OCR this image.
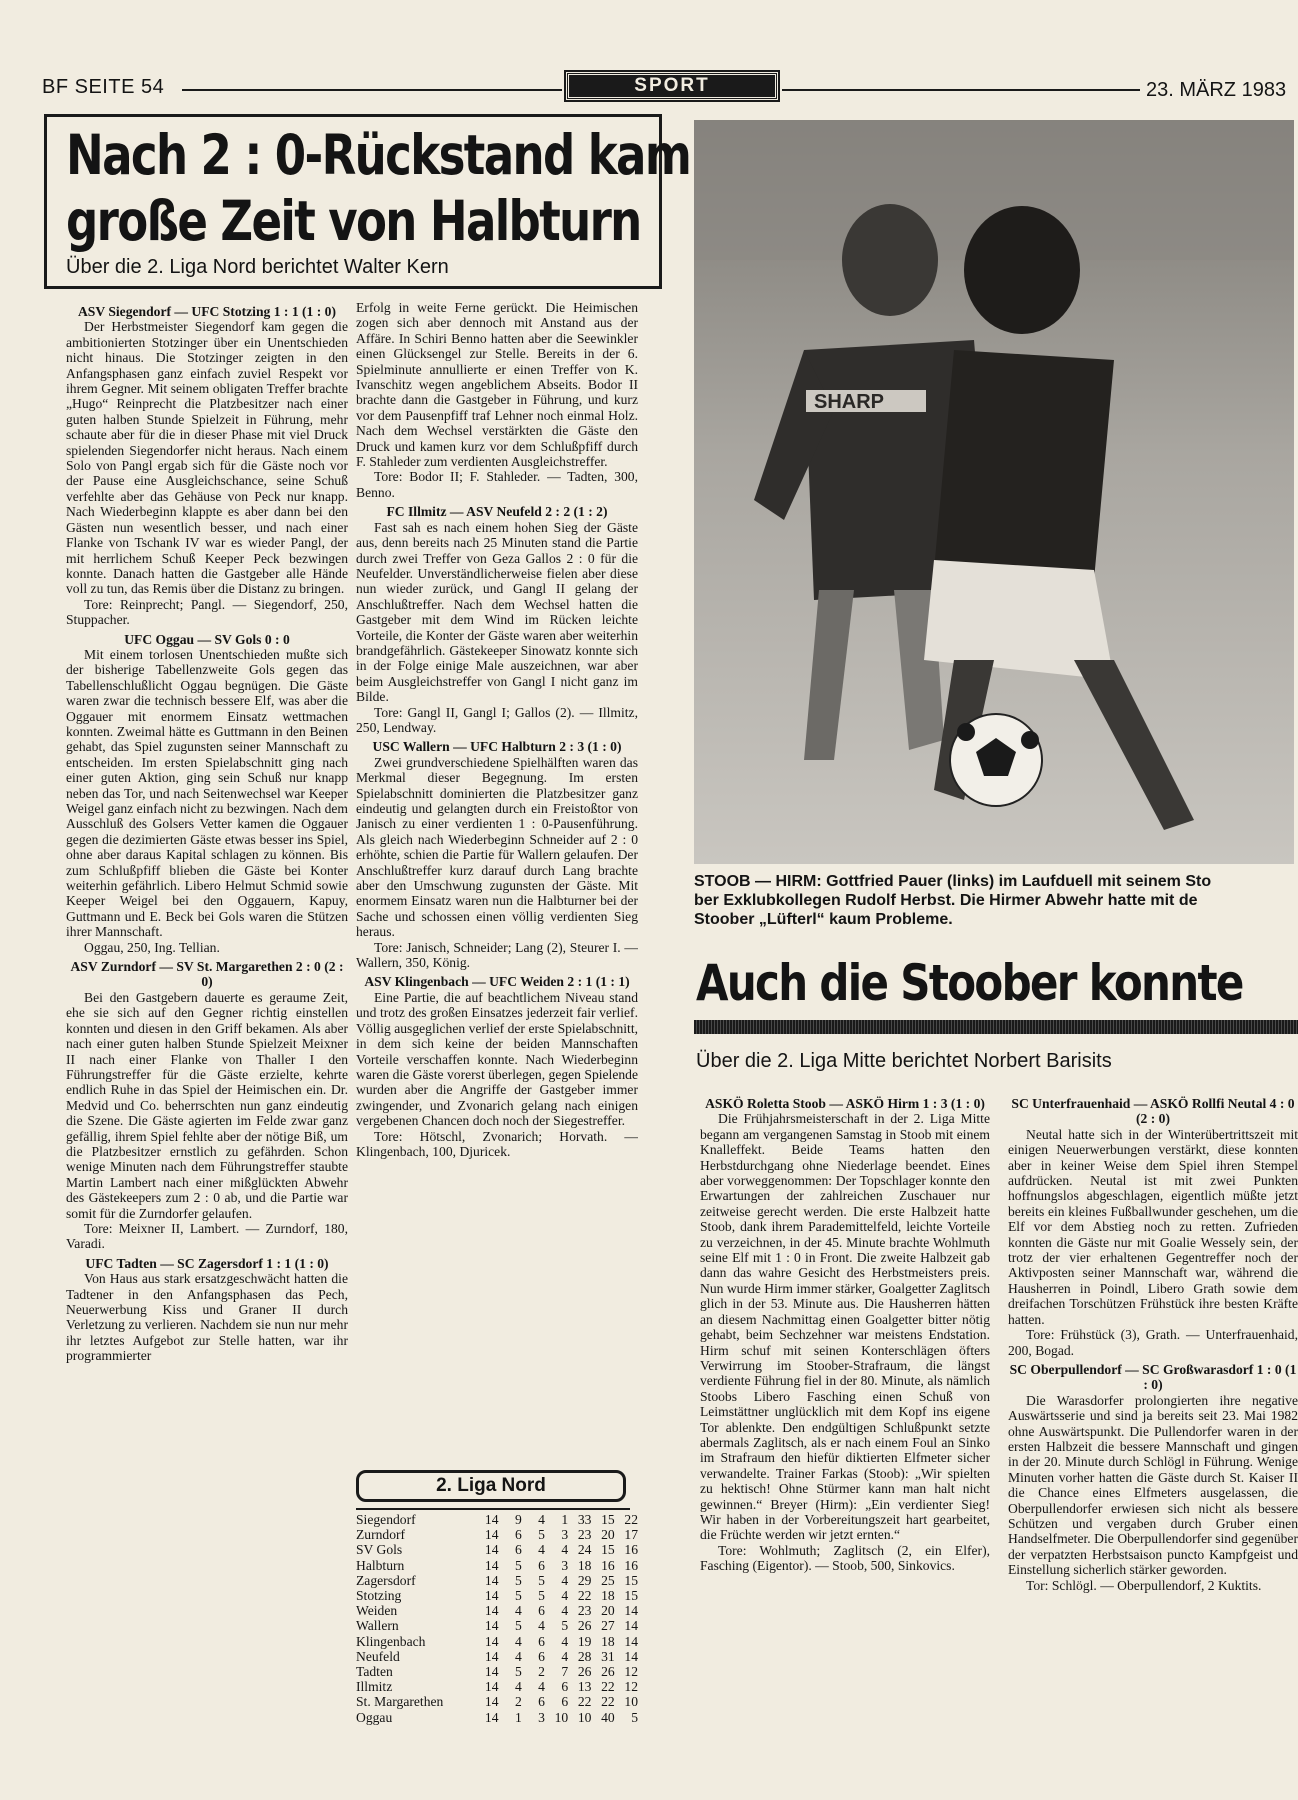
BF SEITE 54	SPORT	23. MÄRZ 1983
Nach 2 : 0-Rückstand kam
große Zeit von Halbturn
Über die 2. Liga Nord berichtet Walter Kern

ASV Siegendorf — UFC Stotzing 1 : 1 (1 : 0)

Der Herbstmeister Siegendorf kam gegen die ambitionierten Stotzinger über ein Unentschieden nicht hinaus. Die Stotzinger zeigten in den Anfangsphasen ganz einfach zuviel Respekt vor ihrem Gegner. Mit seinem obligaten Treffer brachte „Hugo“ Reinprecht die Platzbesitzer nach einer guten halben Stunde Spielzeit in Führung, mehr schaute aber für die in dieser Phase mit viel Druck spielenden Siegendorfer nicht heraus. Nach einem Solo von Pangl ergab sich für die Gäste noch vor der Pause eine Ausgleichschance, seine Schuß verfehlte aber das Gehäuse von Peck nur knapp. Nach Wiederbeginn klappte es aber dann bei den Gästen nun wesentlich besser, und nach einer Flanke von Tschank IV war es wieder Pangl, der mit herrlichem Schuß Keeper Peck bezwingen konnte. Danach hatten die Gastgeber alle Hände voll zu tun, das Remis über die Distanz zu bringen.

Tore: Reinprecht; Pangl. — Siegendorf, 250, Stuppacher.

UFC Oggau — SV Gols 0 : 0

Mit einem torlosen Unentschieden mußte sich der bisherige Tabellenzweite Gols gegen das Tabellenschlußlicht Oggau begnügen. Die Gäste waren zwar die technisch bessere Elf, was aber die Oggauer mit enormem Einsatz wettmachen konnten. Zweimal hätte es Guttmann in den Beinen gehabt, das Spiel zugunsten seiner Mannschaft zu entscheiden. Im ersten Spielabschnitt ging nach einer guten Aktion, ging sein Schuß nur knapp neben das Tor, und nach Seitenwechsel war Keeper Weigel ganz einfach nicht zu bezwingen. Nach dem Ausschluß des Golsers Vetter kamen die Oggauer gegen die dezimierten Gäste etwas besser ins Spiel, ohne aber daraus Kapital schlagen zu können. Bis zum Schlußpfiff blieben die Gäste bei Konter weiterhin gefährlich. Libero Helmut Schmid sowie Keeper Weigel bei den Oggauern, Kapuy, Guttmann und E. Beck bei Gols waren die Stützen ihrer Mannschaft.

Oggau, 250, Ing. Tellian.

ASV Zurndorf — SV St. Margarethen 2 : 0 (2 : 0)

Bei den Gastgebern dauerte es geraume Zeit, ehe sie sich auf den Gegner richtig einstellen konnten und diesen in den Griff bekamen. Als aber nach einer guten halben Stunde Spielzeit Meixner II nach einer Flanke von Thaller I den Führungstreffer für die Gäste erzielte, kehrte endlich Ruhe in das Spiel der Heimischen ein. Dr. Medvid und Co. beherrschten nun ganz eindeutig die Szene. Die Gäste agierten im Felde zwar ganz gefällig, ihrem Spiel fehlte aber der nötige Biß, um die Platzbesitzer ernstlich zu gefährden. Schon wenige Minuten nach dem Führungstreffer staubte Martin Lambert nach einer mißglückten Abwehr des Gästekeepers zum 2 : 0 ab, und die Partie war somit für die Zurndorfer gelaufen.

Tore: Meixner II, Lambert. — Zurndorf, 180, Varadi.

UFC Tadten — SC Zagersdorf 1 : 1 (1 : 0)

Von Haus aus stark ersatzgeschwächt hatten die Tadtener in den Anfangsphasen das Pech, Neuerwerbung Kiss und Graner II durch Verletzung zu verlieren. Nachdem sie nun nur mehr ihr letztes Aufgebot zur Stelle hatten, war ihr programmierter

Erfolg in weite Ferne gerückt. Die Heimischen zogen sich aber dennoch mit Anstand aus der Affäre. In Schiri Benno hatten aber die Seewinkler einen Glücksengel zur Stelle. Bereits in der 6. Spielminute annullierte er einen Treffer von K. Ivanschitz wegen angeblichem Abseits. Bodor II brachte dann die Gastgeber in Führung, und kurz vor dem Pausenpfiff traf Lehner noch einmal Holz. Nach dem Wechsel verstärkten die Gäste den Druck und kamen kurz vor dem Schlußpfiff durch F. Stahleder zum verdienten Ausgleichstreffer.

Tore: Bodor II; F. Stahleder. — Tadten, 300, Benno.

FC Illmitz — ASV Neufeld 2 : 2 (1 : 2)

Fast sah es nach einem hohen Sieg der Gäste aus, denn bereits nach 25 Minuten stand die Partie durch zwei Treffer von Geza Gallos 2 : 0 für die Neufelder. Unverständlicherweise fielen aber diese nun wieder zurück, und Gangl II gelang der Anschlußtreffer. Nach dem Wechsel hatten die Gastgeber mit dem Wind im Rücken leichte Vorteile, die Konter der Gäste waren aber weiterhin brandgefährlich. Gästekeeper Sinowatz konnte sich in der Folge einige Male auszeichnen, war aber beim Ausgleichstreffer von Gangl I nicht ganz im Bilde.

Tore: Gangl II, Gangl I; Gallos (2). — Illmitz, 250, Lendway.

USC Wallern — UFC Halbturn 2 : 3 (1 : 0)

Zwei grundverschiedene Spielhälften waren das Merkmal dieser Begegnung. Im ersten Spielabschnitt dominierten die Platzbesitzer ganz eindeutig und gelangten durch ein Freistoßtor von Janisch zu einer verdienten 1 : 0-Pausenführung. Als gleich nach Wiederbeginn Schneider auf 2 : 0 erhöhte, schien die Partie für Wallern gelaufen. Der Anschlußtreffer kurz darauf durch Lang brachte aber den Umschwung zugunsten der Gäste. Mit enormem Einsatz waren nun die Halbturner bei der Sache und schossen einen völlig verdienten Sieg heraus.

Tore: Janisch, Schneider; Lang (2), Steurer I. — Wallern, 350, König.

ASV Klingenbach — UFC Weiden 2 : 1 (1 : 1)

Eine Partie, die auf beachtlichem Niveau stand und trotz des großen Einsatzes jederzeit fair verlief. Völlig ausgeglichen verlief der erste Spielabschnitt, in dem sich keine der beiden Mannschaften Vorteile verschaffen konnte. Nach Wiederbeginn waren die Gäste vorerst überlegen, gegen Spielende wurden aber die Angriffe der Gastgeber immer zwingender, und Zvonarich gelang nach einigen vergebenen Chancen doch noch der Siegestreffer.

Tore: Hötschl, Zvonarich; Horvath. — Klingenbach, 100, Djuricek.

2. Liga Nord
Siegendorf	14	9	4	1	33	15	22
Zurndorf	14	6	5	3	23	20	17
SV Gols	14	6	4	4	24	15	16
Halbturn	14	5	6	3	18	16	16
Zagersdorf	14	5	5	4	29	25	15
Stotzing	14	5	5	4	22	18	15
Weiden	14	4	6	4	23	20	14
Wallern	14	5	4	5	26	27	14
Klingenbach	14	4	6	4	19	18	14
Neufeld	14	4	6	4	28	31	14
Tadten	14	5	2	7	26	26	12
Illmitz	14	4	4	6	13	22	12
St. Margarethen	14	2	6	6	22	22	10
Oggau	14	1	3	10	10	40	5
SHARP
STOOB — HIRM: Gottfried Pauer (links) im Laufduell mit seinem Sto
ber Exklubkollegen Rudolf Herbst. Die Hirmer Abwehr hatte mit de
Stoober „Lüfterl“ kaum Probleme.
Auch die Stoober konnte
Über die 2. Liga Mitte berichtet Norbert Barisits

ASKÖ Roletta Stoob — ASKÖ Hirm 1 : 3 (1 : 0)

Die Frühjahrsmeisterschaft in der 2. Liga Mitte begann am vergangenen Samstag in Stoob mit einem Knalleffekt. Beide Teams hatten den Herbstdurchgang ohne Niederlage beendet. Eines aber vorweggenommen: Der Topschlager konnte den Erwartungen der zahlreichen Zuschauer nur zeitweise gerecht werden. Die erste Halbzeit hatte Stoob, dank ihrem Parademittelfeld, leichte Vorteile zu verzeichnen, in der 45. Minute brachte Wohlmuth seine Elf mit 1 : 0 in Front. Die zweite Halbzeit gab dann das wahre Gesicht des Herbstmeisters preis. Nun wurde Hirm immer stärker, Goalgetter Zaglitsch glich in der 53. Minute aus. Die Hausherren hätten an diesem Nachmittag einen Goalgetter bitter nötig gehabt, beim Sechzehner war meistens Endstation. Hirm schuf mit seinen Konterschlägen öfters Verwirrung im Stoober-Strafraum, die längst verdiente Führung fiel in der 80. Minute, als nämlich Stoobs Libero Fasching einen Schuß von Leimstättner unglücklich mit dem Kopf ins eigene Tor ablenkte. Den endgültigen Schlußpunkt setzte abermals Zaglitsch, als er nach einem Foul an Sinko im Strafraum den hiefür diktierten Elfmeter sicher verwandelte. Trainer Farkas (Stoob): „Wir spielten zu hektisch! Ohne Stürmer kann man halt nicht gewinnen.“ Breyer (Hirm): „Ein verdienter Sieg! Wir haben in der Vorbereitungszeit hart gearbeitet, die Früchte werden wir jetzt ernten.“

Tore: Wohlmuth; Zaglitsch (2, ein Elfer), Fasching (Eigentor). — Stoob, 500, Sinkovics.

SC Unterfrauenhaid — ASKÖ Rollfi Neutal 4 : 0 (2 : 0)

Neutal hatte sich in der Winterübertrittszeit mit einigen Neuerwerbungen verstärkt, diese konnten aber in keiner Weise dem Spiel ihren Stempel aufdrücken. Neutal ist mit zwei Punkten hoffnungslos abgeschlagen, eigentlich müßte jetzt bereits ein kleines Fußballwunder geschehen, um die Elf vor dem Abstieg noch zu retten. Zufrieden konnten die Gäste nur mit Goalie Wessely sein, der trotz der vier erhaltenen Gegentreffer noch der Aktivposten seiner Mannschaft war, während die Hausherren in Poindl, Libero Grath sowie dem dreifachen Torschützen Frühstück ihre besten Kräfte hatten.

Tore: Frühstück (3), Grath. — Unterfrauenhaid, 200, Bogad.

SC Oberpullendorf — SC Großwarasdorf 1 : 0 (1 : 0)

Die Warasdorfer prolongierten ihre negative Auswärtsserie und sind ja bereits seit 23. Mai 1982 ohne Auswärtspunkt. Die Pullendorfer waren in der ersten Halbzeit die bessere Mannschaft und gingen in der 20. Minute durch Schlögl in Führung. Wenige Minuten vorher hatten die Gäste durch St. Kaiser II die Chance eines Elfmeters ausgelassen, die Oberpullendorfer erwiesen sich nicht als bessere Schützen und vergaben durch Gruber einen Handselfmeter. Die Oberpullendorfer sind gegenüber der verpatzten Herbstsaison puncto Kampfgeist und Einstellung sicherlich stärker geworden.

Tor: Schlögl. — Oberpullendorf, 2 Kuktits.
